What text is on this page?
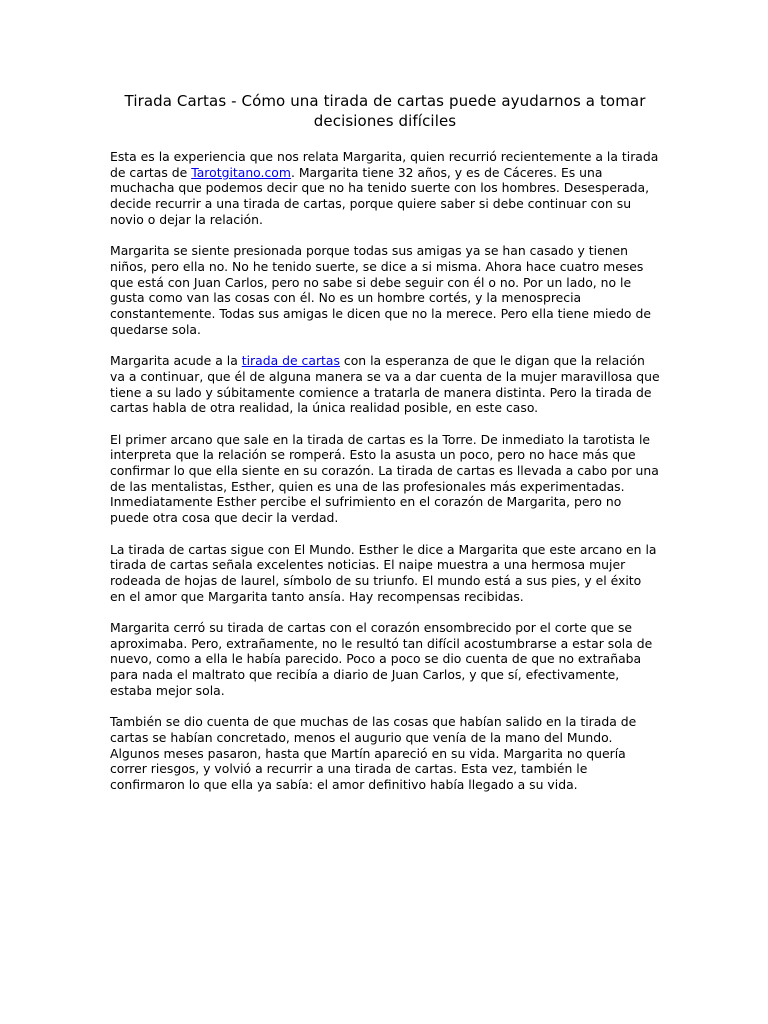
Tirada Cartas - Cómo una tirada de cartas puede ayudarnos a tomar decisiones difíciles

Esta es la experiencia que nos relata Margarita, quien recurrió recientemente a la tirada de cartas de Tarotgitano.com. Margarita tiene 32 años, y es de Cáceres. Es una muchacha que podemos decir que no ha tenido suerte con los hombres. Desesperada, decide recurrir a una tirada de cartas, porque quiere saber si debe continuar con su novio o dejar la relación.

Margarita se siente presionada porque todas sus amigas ya se han casado y tienen niños, pero ella no. No he tenido suerte, se dice a si misma. Ahora hace cuatro meses que está con Juan Carlos, pero no sabe si debe seguir con él o no. Por un lado, no le gusta como van las cosas con él. No es un hombre cortés, y la menosprecia constantemente. Todas sus amigas le dicen que no la merece. Pero ella tiene miedo de quedarse sola.

Margarita acude a la tirada de cartas con la esperanza de que le digan que la relación va a continuar, que él de alguna manera se va a dar cuenta de la mujer maravillosa que tiene a su lado y súbitamente comience a tratarla de manera distinta. Pero la tirada de cartas habla de otra realidad, la única realidad posible, en este caso.

El primer arcano que sale en la tirada de cartas es la Torre. De inmediato la tarotista le interpreta que la relación se romperá. Esto la asusta un poco, pero no hace más que confirmar lo que ella siente en su corazón. La tirada de cartas es llevada a cabo por una de las mentalistas, Esther, quien es una de las profesionales más experimentadas. Inmediatamente Esther percibe el sufrimiento en el corazón de Margarita, pero no puede otra cosa que decir la verdad.

La tirada de cartas sigue con El Mundo. Esther le dice a Margarita que este arcano en la tirada de cartas señala excelentes noticias. El naipe muestra a una hermosa mujer rodeada de hojas de laurel, símbolo de su triunfo. El mundo está a sus pies, y el éxito en el amor que Margarita tanto ansía. Hay recompensas recibidas.

Margarita cerró su tirada de cartas con el corazón ensombrecido por el corte que se aproximaba. Pero, extrañamente, no le resultó tan difícil acostumbrarse a estar sola de nuevo, como a ella le había parecido. Poco a poco se dio cuenta de que no extrañaba para nada el maltrato que recibía a diario de Juan Carlos, y que sí, efectivamente, estaba mejor sola.

También se dio cuenta de que muchas de las cosas que habían salido en la tirada de cartas se habían concretado, menos el augurio que venía de la mano del Mundo. Algunos meses pasaron, hasta que Martín apareció en su vida. Margarita no quería correr riesgos, y volvió a recurrir a una tirada de cartas. Esta vez, también le confirmaron lo que ella ya sabía: el amor definitivo había llegado a su vida.
